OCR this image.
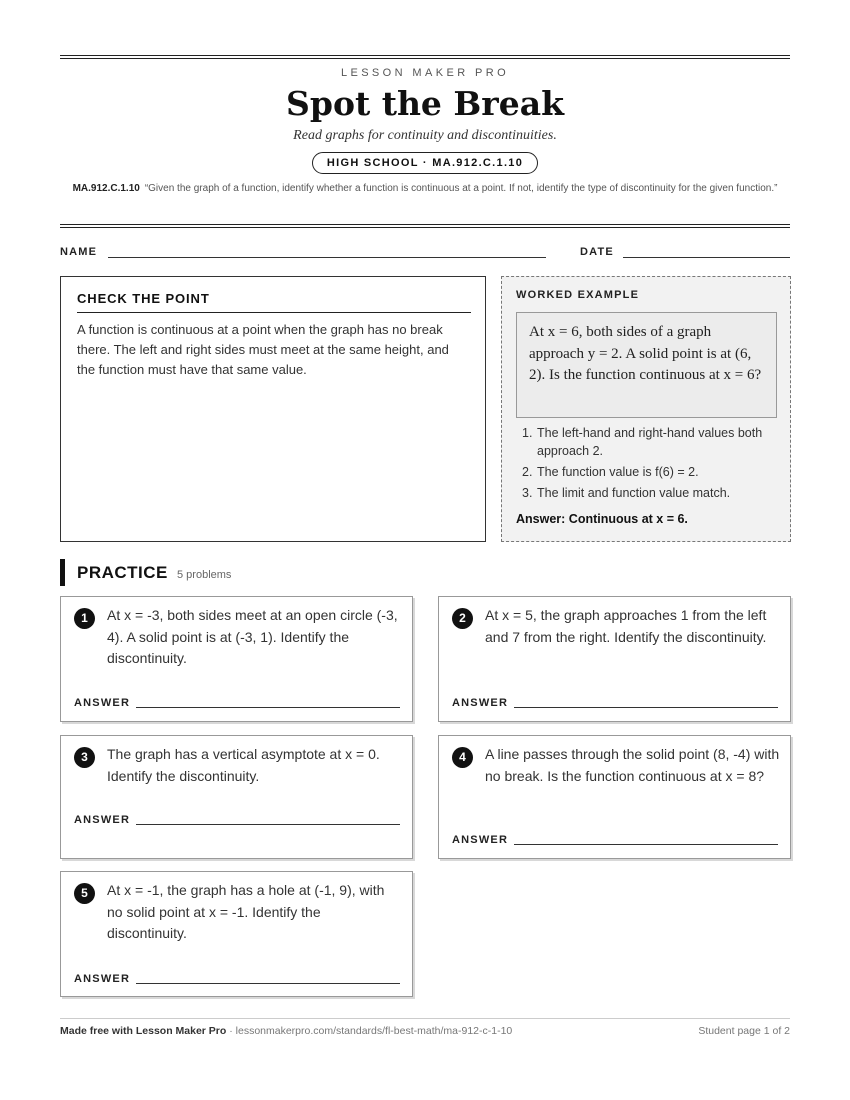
LESSON MAKER PRO
Spot the Break
Read graphs for continuity and discontinuities.
HIGH SCHOOL · MA.912.C.1.10
MA.912.C.1.10 “Given the graph of a function, identify whether a function is continuous at a point. If not, identify the type of discontinuity for the given function.”
NAME	DATE
CHECK THE POINT
A function is continuous at a point when the graph has no break there. The left and right sides must meet at the same height, and the function must have that same value.
WORKED EXAMPLE
At x = 6, both sides of a graph approach y = 2. A solid point is at (6, 2). Is the function continuous at x = 6?
1. The left-hand and right-hand values both approach 2.
2. The function value is f(6) = 2.
3. The limit and function value match.
Answer: Continuous at x = 6.
PRACTICE 5 problems
1	At x = -3, both sides meet at an open circle (-3, 4). A solid point is at (-3, 1). Identify the discontinuity.
ANSWER
2	At x = 5, the graph approaches 1 from the left and 7 from the right. Identify the discontinuity.
ANSWER
3	The graph has a vertical asymptote at x = 0. Identify the discontinuity.
ANSWER
4	A line passes through the solid point (8, -4) with no break. Is the function continuous at x = 8?
ANSWER
5	At x = -1, the graph has a hole at (-1, 9), with no solid point at x = -1. Identify the discontinuity.
ANSWER
Made free with Lesson Maker Pro · lessonmakerpro.com/standards/fl-best-math/ma-912-c-1-10	Student page 1 of 2
